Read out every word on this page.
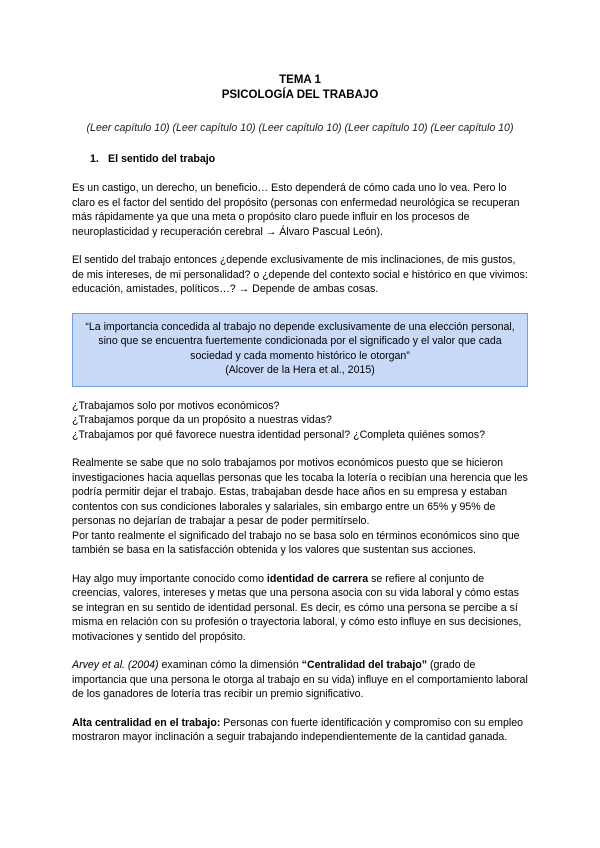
TEMA 1
PSICOLOGÍA DEL TRABAJO
(Leer capítulo 10) (Leer capítulo 10) (Leer capítulo 10) (Leer capítulo 10) (Leer capítulo 10)
1. El sentido del trabajo

Es un castigo, un derecho, un beneficio… Esto dependerá de cómo cada uno lo vea. Pero lo claro es el factor del sentido del propósito (personas con enfermedad neurológica se recuperan más rápidamente ya que una meta o propósito claro puede influir en los procesos de neuroplasticidad y recuperación cerebral → Álvaro Pascual León).

El sentido del trabajo entonces ¿depende exclusivamente de mis inclinaciones, de mis gustos, de mis intereses, de mi personalidad? o ¿depende del contexto social e histórico en que vivimos: educación, amistades, políticos…? → Depende de ambas cosas.

“La importancia concedida al trabajo no depende exclusivamente de una elección personal, sino que se encuentra fuertemente condicionada por el significado y el valor que cada sociedad y cada momento histórico le otorgan”
(Alcover de la Hera et al., 2015)
¿Trabajamos solo por motivos económicos?
¿Trabajamos porque da un propósito a nuestras vidas?
¿Trabajamos por qué favorece nuestra identidad personal? ¿Completa quiénes somos?

Realmente se sabe que no solo trabajamos por motivos económicos puesto que se hicieron investigaciones hacia aquellas personas que les tocaba la lotería o recibían una herencia que les podría permitir dejar el trabajo. Estas, trabajaban desde hace años en su empresa y estaban contentos con sus condiciones laborales y salariales, sin embargo entre un 65% y 95% de personas no dejarían de trabajar a pesar de poder permitírselo.

Por tanto realmente el significado del trabajo no se basa solo en términos económicos sino que también se basa en la satisfacción obtenida y los valores que sustentan sus acciones.

Hay algo muy importante conocido como identidad de carrera se refiere al conjunto de creencias, valores, intereses y metas que una persona asocia con su vida laboral y cómo estas se integran en su sentido de identidad personal. Es decir, es cómo una persona se percibe a sí misma en relación con su profesión o trayectoria laboral, y cómo esto influye en sus decisiones, motivaciones y sentido del propósito.

Arvey et al. (2004) examinan cómo la dimensión “Centralidad del trabajo” (grado de importancia que una persona le otorga al trabajo en su vida) influye en el comportamiento laboral de los ganadores de lotería tras recibir un premio significativo.

Alta centralidad en el trabajo: Personas con fuerte identificación y compromiso con su empleo mostraron mayor inclinación a seguir trabajando independientemente de la cantidad ganada.
